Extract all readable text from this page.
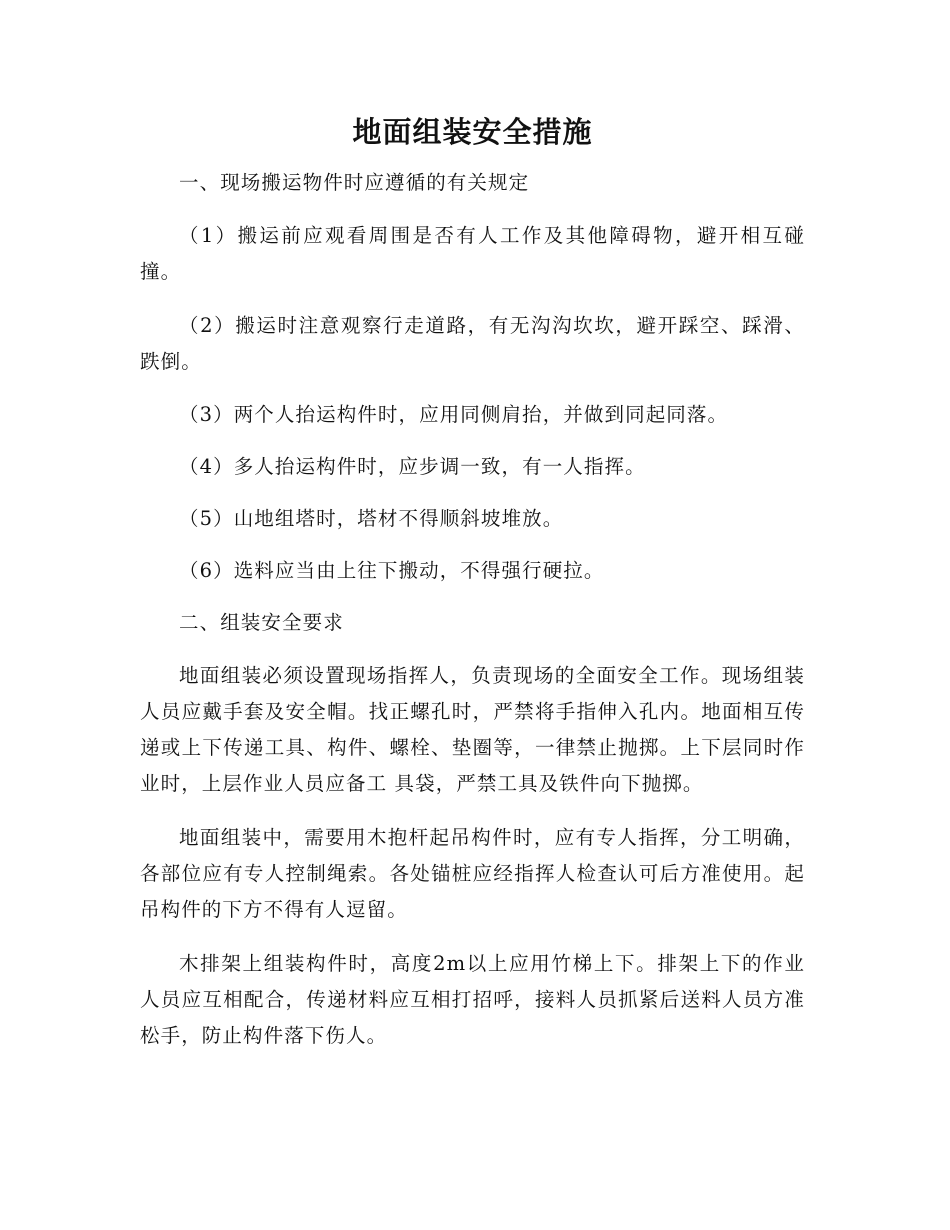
地面组装安全措施
一、现场搬运物件时应遵循的有关规定

（1）搬运前应观看周围是否有人工作及其他障碍物，避开相互碰撞。

（2）搬运时注意观察行走道路，有无沟沟坎坎，避开踩空、踩滑、跌倒。

（3）两个人抬运构件时，应用同侧肩抬，并做到同起同落。

（4）多人抬运构件时，应步调一致，有一人指挥。

（5）山地组塔时，塔材不得顺斜坡堆放。

（6）选料应当由上往下搬动，不得强行硬拉。

二、组装安全要求

地面组装必须设置现场指挥人，负责现场的全面安全工作。现场组装人员应戴手套及安全帽。找正螺孔时，严禁将手指伸入孔内。地面相互传递或上下传递工具、构件、螺栓、垫圈等，一律禁止抛掷。上下层同时作业时，上层作业人员应备工 具袋，严禁工具及铁件向下抛掷。

地面组装中，需要用木抱杆起吊构件时，应有专人指挥，分工明确，各部位应有专人控制绳索。各处锚桩应经指挥人检查认可后方准使用。起吊构件的下方不得有人逗留。

木排架上组装构件时，高度2m以上应用竹梯上下。排架上下的作业人员应互相配合，传递材料应互相打招呼，接料人员抓紧后送料人员方准松手，防止构件落下伤人。
